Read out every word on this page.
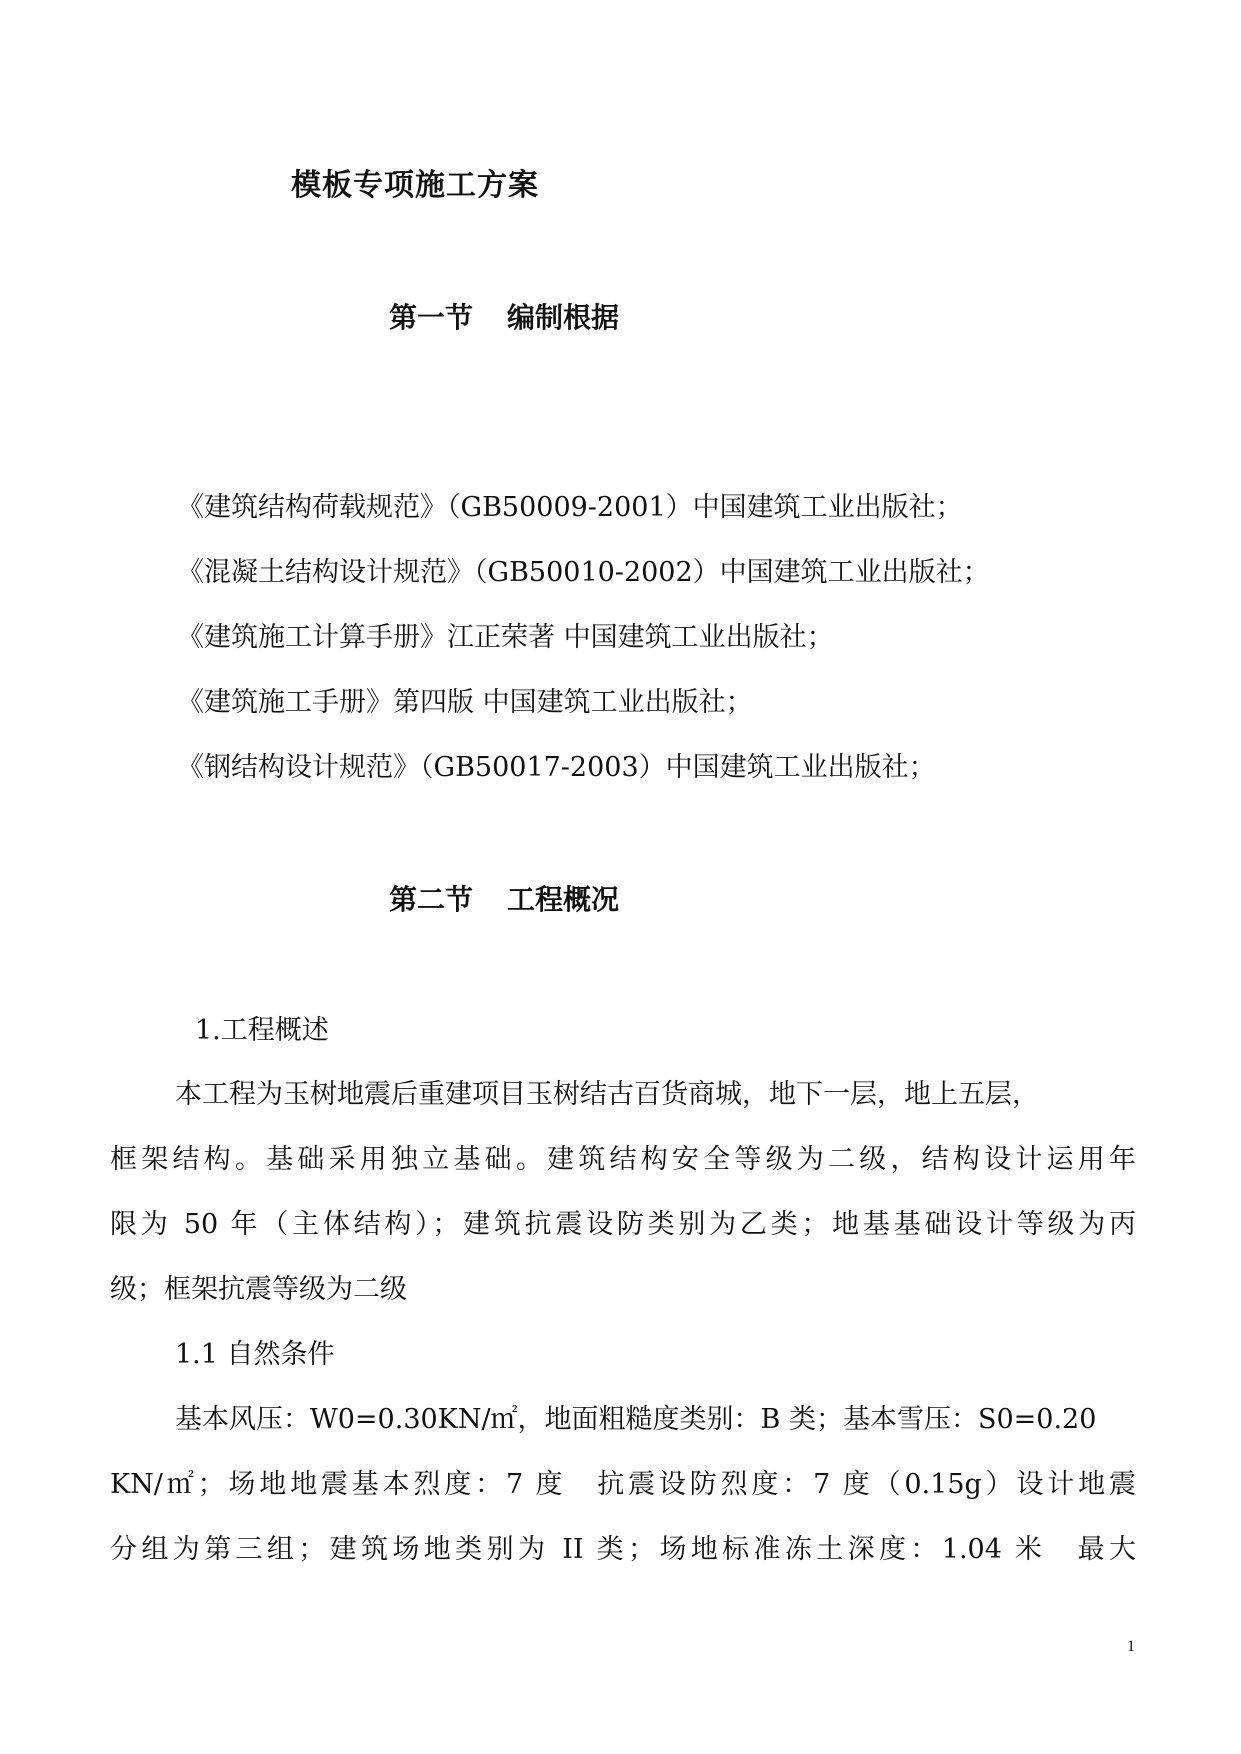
模板专项施工方案
第一节 编制根据
《建筑结构荷载规范》（GB50009-2001）中国建筑工业出版社；
《混凝土结构设计规范》（GB50010-2002）中国建筑工业出版社；
《建筑施工计算手册》江正荣著 中国建筑工业出版社；
《建筑施工手册》第四版 中国建筑工业出版社；
《钢结构设计规范》（GB50017-2003）中国建筑工业出版社；
第二节 工程概况
1.工程概述
本工程为玉树地震后重建项目玉树结古百货商城，地下一层，地上五层，
框架结构。基础采用独立基础。建筑结构安全等级为二级，结构设计运用年
限为 50 年（主体结构）；建筑抗震设防类别为乙类；地基基础设计等级为丙
级；框架抗震等级为二级
1.1 自然条件
基本风压：W0=0.30KN/㎡，地面粗糙度类别：B 类；基本雪压：S0=0.20
KN/㎡；场地地震基本烈度：7 度　抗震设防烈度：7 度（0.15g）设计地震
分组为第三组；建筑场地类别为 II 类；场地标准冻土深度：1.04 米　最大
1
